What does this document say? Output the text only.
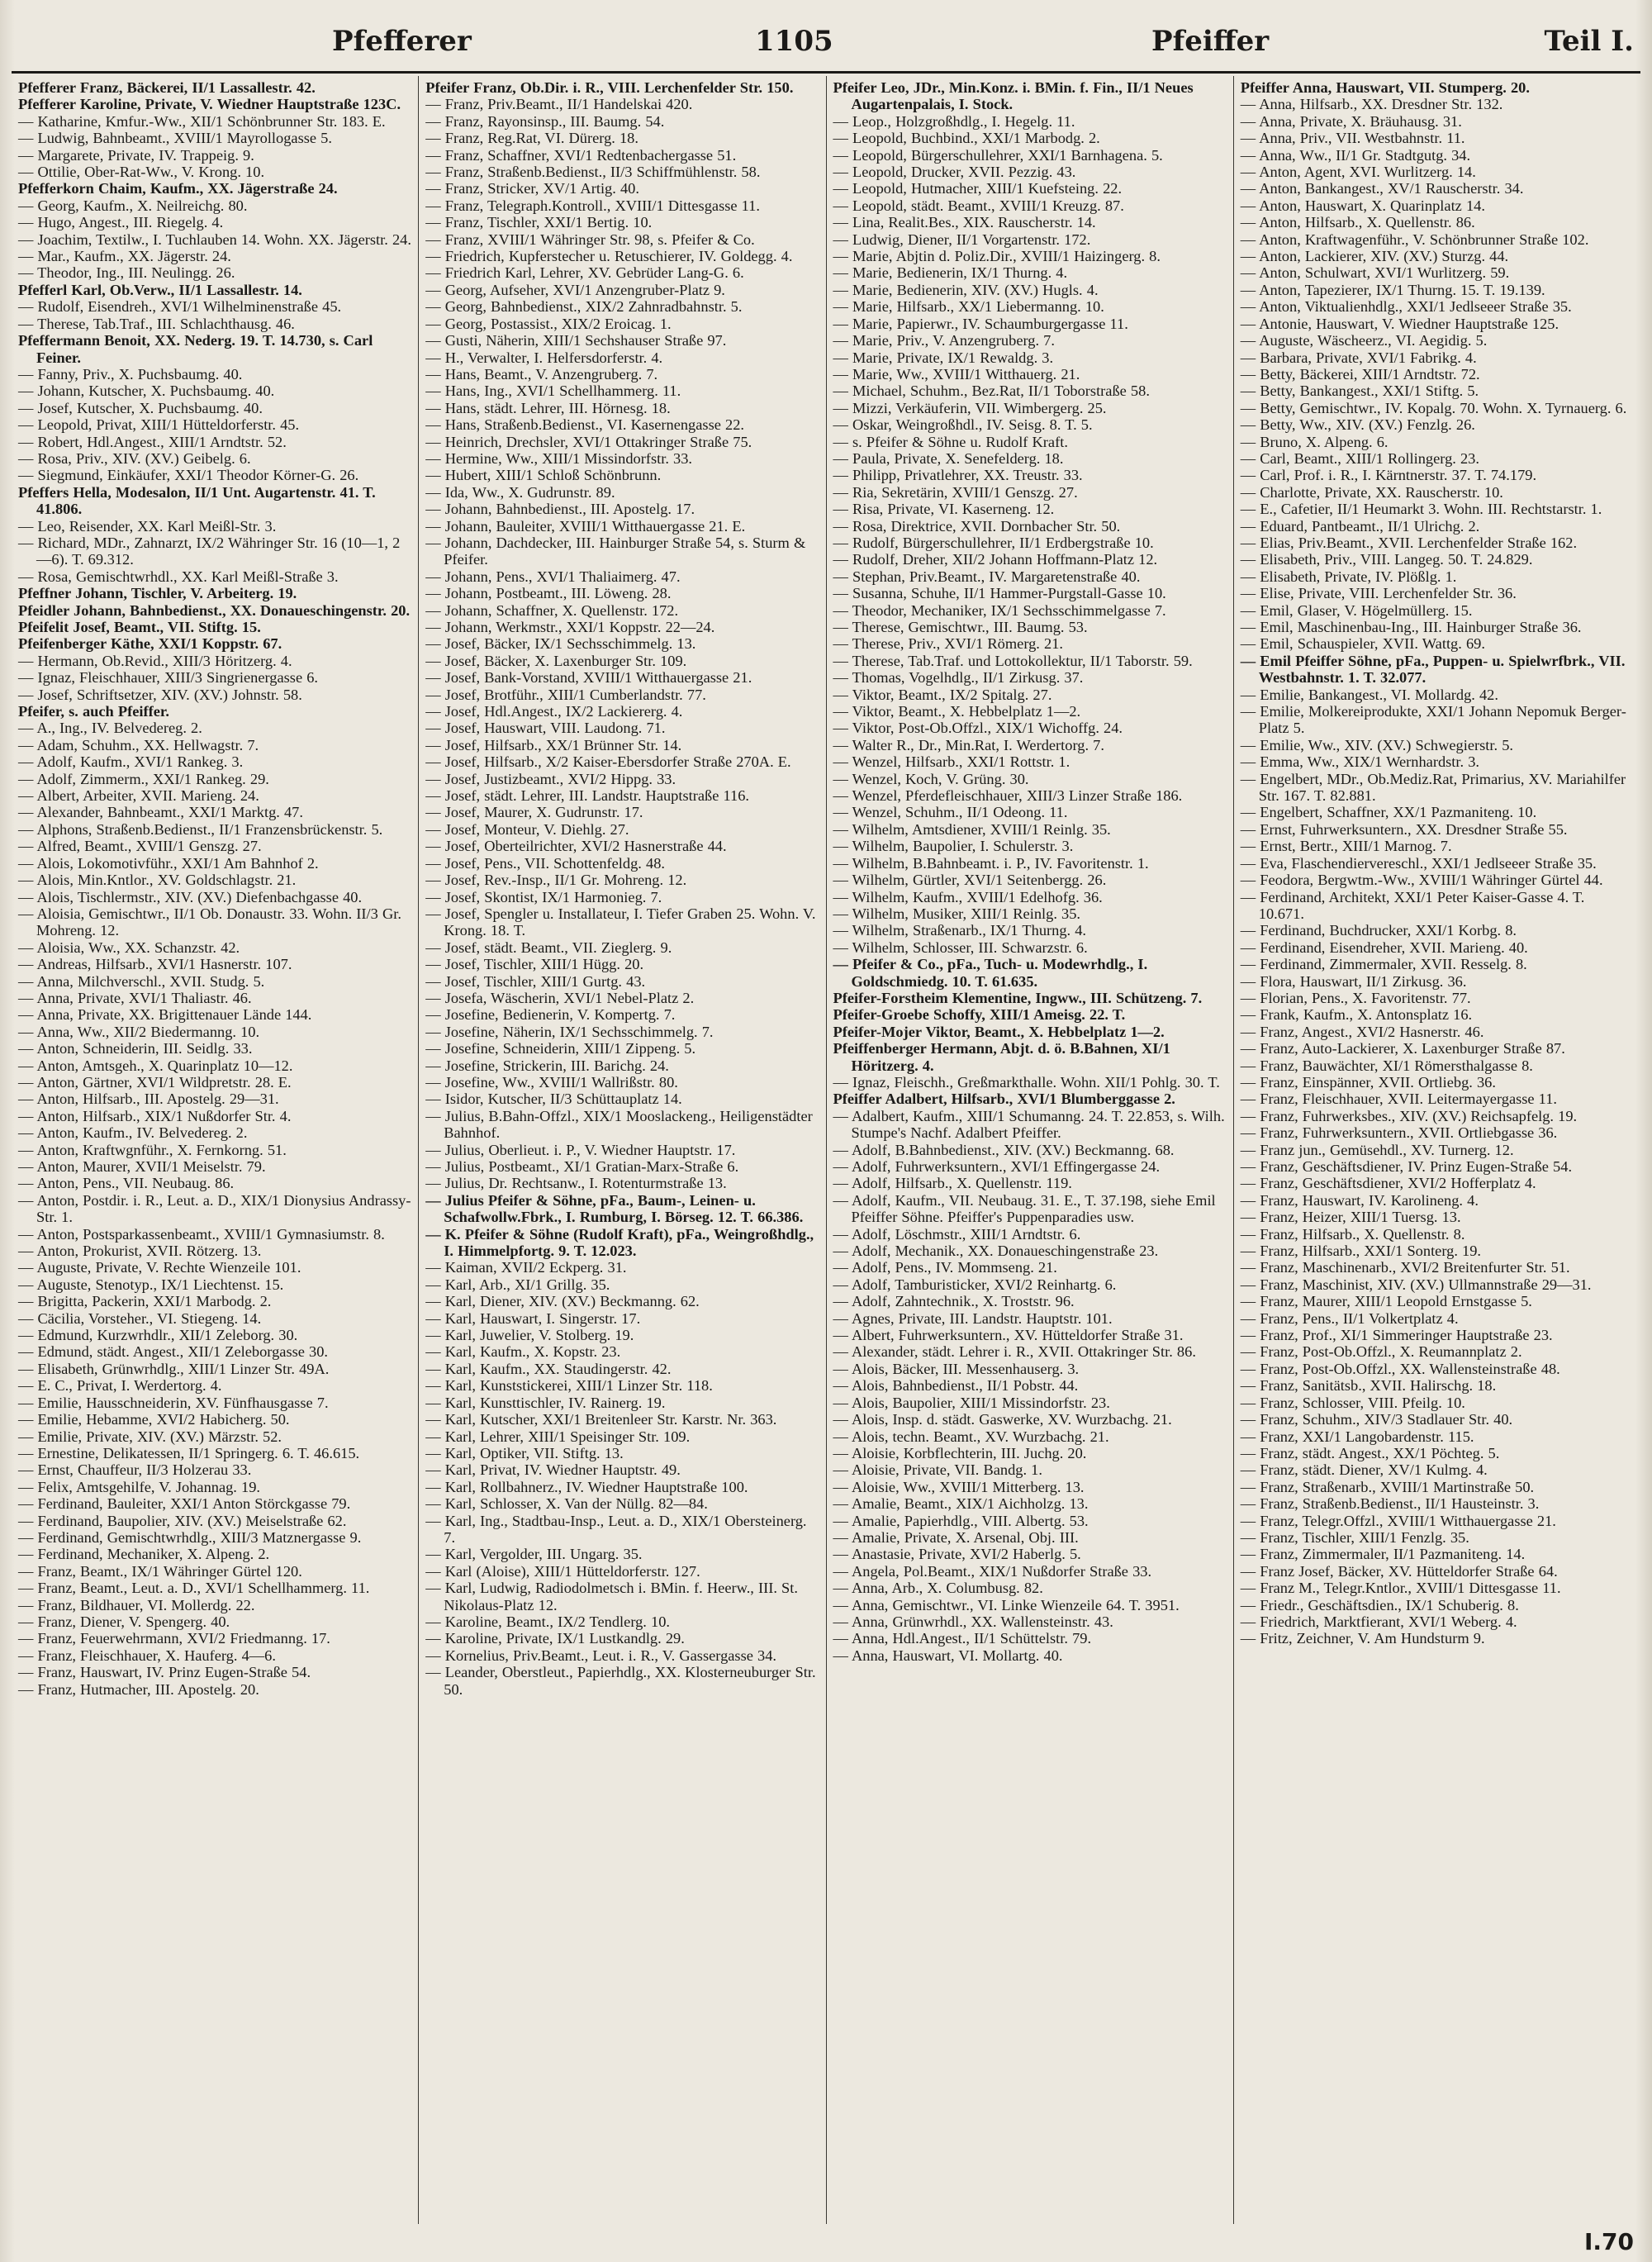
Pfefferer	1105	Pfeiffer	Teil I.

Pfefferer Franz, Bäckerei, II/1 Lassallestr. 42.

Pfefferer Karoline, Private, V. Wiedner Hauptstraße 123C.

— Katharine, Kmfur.-Ww., XII/1 Schönbrunner Str. 183. E.

— Ludwig, Bahnbeamt., XVIII/1 Mayrollogasse 5.

— Margarete, Private, IV. Trappeig. 9.

— Ottilie, Ober-Rat-Ww., V. Krong. 10.

Pfefferkorn Chaim, Kaufm., XX. Jägerstraße 24.

— Georg, Kaufm., X. Neilreichg. 80.

— Hugo, Angest., III. Riegelg. 4.

— Joachim, Textilw., I. Tuchlauben 14. Wohn. XX. Jägerstr. 24.

— Mar., Kaufm., XX. Jägerstr. 24.

— Theodor, Ing., III. Neulingg. 26.

Pfefferl Karl, Ob.Verw., II/1 Lassallestr. 14.

— Rudolf, Eisendreh., XVI/1 Wilhelminenstraße 45.

— Therese, Tab.Traf., III. Schlachthausg. 46.

Pfeffermann Benoit, XX. Nederg. 19. T. 14.730, s. Carl Feiner.

— Fanny, Priv., X. Puchsbaumg. 40.

— Johann, Kutscher, X. Puchsbaumg. 40.

— Josef, Kutscher, X. Puchsbaumg. 40.

— Leopold, Privat, XIII/1 Hütteldorferstr. 45.

— Robert, Hdl.Angest., XIII/1 Arndtstr. 52.

— Rosa, Priv., XIV. (XV.) Geibelg. 6.

— Siegmund, Einkäufer, XXI/1 Theodor Körner-G. 26.

Pfeffers Hella, Modesalon, II/1 Unt. Augartenstr. 41. T. 41.806.

— Leo, Reisender, XX. Karl Meißl-Str. 3.

— Richard, MDr., Zahnarzt, IX/2 Währinger Str. 16 (10—1, 2—6). T. 69.312.

— Rosa, Gemischtwrhdl., XX. Karl Meißl-Straße 3.

Pfeffner Johann, Tischler, V. Arbeiterg. 19.

Pfeidler Johann, Bahnbedienst., XX. Donaueschingenstr. 20.

Pfeifelit Josef, Beamt., VII. Stiftg. 15.

Pfeifenberger Käthe, XXI/1 Koppstr. 67.

— Hermann, Ob.Revid., XIII/3 Höritzerg. 4.

— Ignaz, Fleischhauer, XIII/3 Singrienergasse 6.

— Josef, Schriftsetzer, XIV. (XV.) Johnstr. 58.

Pfeifer, s. auch Pfeiffer.

— A., Ing., IV. Belvedereg. 2.

— Adam, Schuhm., XX. Hellwagstr. 7.

— Adolf, Kaufm., XVI/1 Rankeg. 3.

— Adolf, Zimmerm., XXI/1 Rankeg. 29.

— Albert, Arbeiter, XVII. Marieng. 24.

— Alexander, Bahnbeamt., XXI/1 Marktg. 47.

— Alphons, Straßenb.Bedienst., II/1 Franzensbrückenstr. 5.

— Alfred, Beamt., XVIII/1 Genszg. 27.

— Alois, Lokomotivführ., XXI/1 Am Bahnhof 2.

— Alois, Min.Kntlor., XV. Goldschlagstr. 21.

— Alois, Tischlermstr., XIV. (XV.) Diefenbachgasse 40.

— Aloisia, Gemischtwr., II/1 Ob. Donaustr. 33. Wohn. II/3 Gr. Mohreng. 12.

— Aloisia, Ww., XX. Schanzstr. 42.

— Andreas, Hilfsarb., XVI/1 Hasnerstr. 107.

— Anna, Milchverschl., XVII. Studg. 5.

— Anna, Private, XVI/1 Thaliastr. 46.

— Anna, Private, XX. Brigittenauer Lände 144.

— Anna, Ww., XII/2 Biedermanng. 10.

— Anton, Schneiderin, III. Seidlg. 33.

— Anton, Amtsgeh., X. Quarinplatz 10—12.

— Anton, Gärtner, XVI/1 Wildpretstr. 28. E.

— Anton, Hilfsarb., III. Apostelg. 29—31.

— Anton, Hilfsarb., XIX/1 Nußdorfer Str. 4.

— Anton, Kaufm., IV. Belvedereg. 2.

— Anton, Kraftwgnführ., X. Fernkorng. 51.

— Anton, Maurer, XVII/1 Meiselstr. 79.

— Anton, Pens., VII. Neubaug. 86.

— Anton, Postdir. i. R., Leut. a. D., XIX/1 Dionysius Andrassy-Str. 1.

— Anton, Postsparkassenbeamt., XVIII/1 Gymnasiumstr. 8.

— Anton, Prokurist, XVII. Rötzerg. 13.

— Auguste, Private, V. Rechte Wienzeile 101.

— Auguste, Stenotyp., IX/1 Liechtenst. 15.

— Brigitta, Packerin, XXI/1 Marbodg. 2.

— Cäcilia, Vorsteher., VI. Stiegeng. 14.

— Edmund, Kurzwrhdlr., XII/1 Zeleborg. 30.

— Edmund, städt. Angest., XII/1 Zeleborgasse 30.

— Elisabeth, Grünwrhdlg., XIII/1 Linzer Str. 49A.

— E. C., Privat, I. Werdertorg. 4.

— Emilie, Hausschneiderin, XV. Fünfhausgasse 7.

— Emilie, Hebamme, XVI/2 Habicherg. 50.

— Emilie, Private, XIV. (XV.) Märzstr. 52.

— Ernestine, Delikatessen, II/1 Springerg. 6. T. 46.615.

— Ernst, Chauffeur, II/3 Holzerau 33.

— Felix, Amtsgehilfe, V. Johannag. 19.

— Ferdinand, Bauleiter, XXI/1 Anton Störckgasse 79.

— Ferdinand, Baupolier, XIV. (XV.) Meiselstraße 62.

— Ferdinand, Gemischtwrhdlg., XIII/3 Matznergasse 9.

— Ferdinand, Mechaniker, X. Alpeng. 2.

— Franz, Beamt., IX/1 Währinger Gürtel 120.

— Franz, Beamt., Leut. a. D., XVI/1 Schellhammerg. 11.

— Franz, Bildhauer, VI. Mollerdg. 22.

— Franz, Diener, V. Spengerg. 40.

— Franz, Feuerwehrmann, XVI/2 Friedmanng. 17.

— Franz, Fleischhauer, X. Hauferg. 4—6.

— Franz, Hauswart, IV. Prinz Eugen-Straße 54.

— Franz, Hutmacher, III. Apostelg. 20.

Pfeifer Franz, Ob.Dir. i. R., VIII. Lerchenfelder Str. 150.

— Franz, Priv.Beamt., II/1 Handelskai 420.

— Franz, Rayonsinsp., III. Baumg. 54.

— Franz, Reg.Rat, VI. Dürerg. 18.

— Franz, Schaffner, XVI/1 Redtenbachergasse 51.

— Franz, Straßenb.Bedienst., II/3 Schiffmühlenstr. 58.

— Franz, Stricker, XV/1 Artig. 40.

— Franz, Telegraph.Kontroll., XVIII/1 Dittesgasse 11.

— Franz, Tischler, XXI/1 Bertig. 10.

— Franz, XVIII/1 Währinger Str. 98, s. Pfeifer & Co.

— Friedrich, Kupferstecher u. Retuschierer, IV. Goldegg. 4.

— Friedrich Karl, Lehrer, XV. Gebrüder Lang-G. 6.

— Georg, Aufseher, XVI/1 Anzengruber-Platz 9.

— Georg, Bahnbedienst., XIX/2 Zahnradbahnstr. 5.

— Georg, Postassist., XIX/2 Eroicag. 1.

— Gusti, Näherin, XIII/1 Sechshauser Straße 97.

— H., Verwalter, I. Helfersdorferstr. 4.

— Hans, Beamt., V. Anzengruberg. 7.

— Hans, Ing., XVI/1 Schellhammerg. 11.

— Hans, städt. Lehrer, III. Hörnesg. 18.

— Hans, Straßenb.Bedienst., VI. Kasernengasse 22.

— Heinrich, Drechsler, XVI/1 Ottakringer Straße 75.

— Hermine, Ww., XIII/1 Missindorfstr. 33.

— Hubert, XIII/1 Schloß Schönbrunn.

— Ida, Ww., X. Gudrunstr. 89.

— Johann, Bahnbedienst., III. Apostelg. 17.

— Johann, Bauleiter, XVIII/1 Witthauergasse 21. E.

— Johann, Dachdecker, III. Hainburger Straße 54, s. Sturm & Pfeifer.

— Johann, Pens., XVI/1 Thaliaimerg. 47.

— Johann, Postbeamt., III. Löweng. 28.

— Johann, Schaffner, X. Quellenstr. 172.

— Johann, Werkmstr., XXI/1 Koppstr. 22—24.

— Josef, Bäcker, IX/1 Sechsschimmelg. 13.

— Josef, Bäcker, X. Laxenburger Str. 109.

— Josef, Bank-Vorstand, XVIII/1 Witthauergasse 21.

— Josef, Brotführ., XIII/1 Cumberlandstr. 77.

— Josef, Hdl.Angest., IX/2 Lackiererg. 4.

— Josef, Hauswart, VIII. Laudong. 71.

— Josef, Hilfsarb., XX/1 Brünner Str. 14.

— Josef, Hilfsarb., X/2 Kaiser-Ebersdorfer Straße 270A. E.

— Josef, Justizbeamt., XVI/2 Hippg. 33.

— Josef, städt. Lehrer, III. Landstr. Hauptstraße 116.

— Josef, Maurer, X. Gudrunstr. 17.

— Josef, Monteur, V. Diehlg. 27.

— Josef, Oberteilrichter, XVI/2 Hasnerstraße 44.

— Josef, Pens., VII. Schottenfeldg. 48.

— Josef, Rev.-Insp., II/1 Gr. Mohreng. 12.

— Josef, Skontist, IX/1 Harmonieg. 7.

— Josef, Spengler u. Installateur, I. Tiefer Graben 25. Wohn. V. Krong. 18. T.

— Josef, städt. Beamt., VII. Zieglerg. 9.

— Josef, Tischler, XIII/1 Hügg. 20.

— Josef, Tischler, XIII/1 Gurtg. 43.

— Josefa, Wäscherin, XVI/1 Nebel-Platz 2.

— Josefine, Bedienerin, V. Kompertg. 7.

— Josefine, Näherin, IX/1 Sechsschimmelg. 7.

— Josefine, Schneiderin, XIII/1 Zippeng. 5.

— Josefine, Strickerin, III. Barichg. 24.

— Josefine, Ww., XVIII/1 Wallrißstr. 80.

— Isidor, Kutscher, II/3 Schüttauplatz 14.

— Julius, B.Bahn-Offzl., XIX/1 Mooslackeng., Heiligenstädter Bahnhof.

— Julius, Oberlieut. i. P., V. Wiedner Hauptstr. 17.

— Julius, Postbeamt., XI/1 Gratian-Marx-Straße 6.

— Julius, Dr. Rechtsanw., I. Rotenturmstraße 13.

— Julius Pfeifer & Söhne, pFa., Baum-, Leinen- u. Schafwollw.Fbrk., I. Rumburg, I. Börseg. 12. T. 66.386.

— K. Pfeifer & Söhne (Rudolf Kraft), pFa., Weingroßhdlg., I. Himmelpfortg. 9. T. 12.023.

— Kaiman, XVII/2 Eckperg. 31.

— Karl, Arb., XI/1 Grillg. 35.

— Karl, Diener, XIV. (XV.) Beckmanng. 62.

— Karl, Hauswart, I. Singerstr. 17.

— Karl, Juwelier, V. Stolberg. 19.

— Karl, Kaufm., X. Kopstr. 23.

— Karl, Kaufm., XX. Staudingerstr. 42.

— Karl, Kunststickerei, XIII/1 Linzer Str. 118.

— Karl, Kunsttischler, IV. Rainerg. 19.

— Karl, Kutscher, XXI/1 Breitenleer Str. Karstr. Nr. 363.

— Karl, Lehrer, XIII/1 Speisinger Str. 109.

— Karl, Optiker, VII. Stiftg. 13.

— Karl, Privat, IV. Wiedner Hauptstr. 49.

— Karl, Rollbahnerz., IV. Wiedner Hauptstraße 100.

— Karl, Schlosser, X. Van der Nüllg. 82—84.

— Karl, Ing., Stadtbau-Insp., Leut. a. D., XIX/1 Obersteinerg. 7.

— Karl, Vergolder, III. Ungarg. 35.

— Karl (Aloise), XIII/1 Hütteldorferstr. 127.

— Karl, Ludwig, Radiodolmetsch i. BMin. f. Heerw., III. St. Nikolaus-Platz 12.

— Karoline, Beamt., IX/2 Tendlerg. 10.

— Karoline, Private, IX/1 Lustkandlg. 29.

— Kornelius, Priv.Beamt., Leut. i. R., V. Gassergasse 34.

— Leander, Oberstleut., Papierhdlg., XX. Klosterneuburger Str. 50.

Pfeifer Leo, JDr., Min.Konz. i. BMin. f. Fin., II/1 Neues Augartenpalais, I. Stock.

— Leop., Holzgroßhdlg., I. Hegelg. 11.

— Leopold, Buchbind., XXI/1 Marbodg. 2.

— Leopold, Bürgerschullehrer, XXI/1 Barnhagena. 5.

— Leopold, Drucker, XVII. Pezzig. 43.

— Leopold, Hutmacher, XIII/1 Kuefsteing. 22.

— Leopold, städt. Beamt., XVIII/1 Kreuzg. 87.

— Lina, Realit.Bes., XIX. Rauscherstr. 14.

— Ludwig, Diener, II/1 Vorgartenstr. 172.

— Marie, Abjtin d. Poliz.Dir., XVIII/1 Haizingerg. 8.

— Marie, Bedienerin, IX/1 Thurng. 4.

— Marie, Bedienerin, XIV. (XV.) Hugls. 4.

— Marie, Hilfsarb., XX/1 Liebermanng. 10.

— Marie, Papierwr., IV. Schaumburgergasse 11.

— Marie, Priv., V. Anzengruberg. 7.

— Marie, Private, IX/1 Rewaldg. 3.

— Marie, Ww., XVIII/1 Witthauerg. 21.

— Michael, Schuhm., Bez.Rat, II/1 Toborstraße 58.

— Mizzi, Verkäuferin, VII. Wimbergerg. 25.

— Oskar, Weingroßhdl., IV. Seisg. 8. T. 5.

— s. Pfeifer & Söhne u. Rudolf Kraft.

— Paula, Private, X. Senefelderg. 18.

— Philipp, Privatlehrer, XX. Treustr. 33.

— Ria, Sekretärin, XVIII/1 Genszg. 27.

— Risa, Private, VI. Kaserneng. 12.

— Rosa, Direktrice, XVII. Dornbacher Str. 50.

— Rudolf, Bürgerschullehrer, II/1 Erdbergstraße 10.

— Rudolf, Dreher, XII/2 Johann Hoffmann-Platz 12.

— Stephan, Priv.Beamt., IV. Margaretenstraße 40.

— Susanna, Schuhe, II/1 Hammer-Purgstall-Gasse 10.

— Theodor, Mechaniker, IX/1 Sechsschimmelgasse 7.

— Therese, Gemischtwr., III. Baumg. 53.

— Therese, Priv., XVI/1 Römerg. 21.

— Therese, Tab.Traf. und Lottokollektur, II/1 Taborstr. 59.

— Thomas, Vogelhdlg., II/1 Zirkusg. 37.

— Viktor, Beamt., IX/2 Spitalg. 27.

— Viktor, Beamt., X. Hebbelplatz 1—2.

— Viktor, Post-Ob.Offzl., XIX/1 Wichoffg. 24.

— Walter R., Dr., Min.Rat, I. Werdertorg. 7.

— Wenzel, Hilfsarb., XXI/1 Rottstr. 1.

— Wenzel, Koch, V. Grüng. 30.

— Wenzel, Pferdefleischhauer, XIII/3 Linzer Straße 186.

— Wenzel, Schuhm., II/1 Odeong. 11.

— Wilhelm, Amtsdiener, XVIII/1 Reinlg. 35.

— Wilhelm, Baupolier, I. Schulerstr. 3.

— Wilhelm, B.Bahnbeamt. i. P., IV. Favoritenstr. 1.

— Wilhelm, Gürtler, XVI/1 Seitenbergg. 26.

— Wilhelm, Kaufm., XVIII/1 Edelhofg. 36.

— Wilhelm, Musiker, XIII/1 Reinlg. 35.

— Wilhelm, Straßenarb., IX/1 Thurng. 4.

— Wilhelm, Schlosser, III. Schwarzstr. 6.

— Pfeifer & Co., pFa., Tuch- u. Modewrhdlg., I. Goldschmiedg. 10. T. 61.635.

Pfeifer-Forstheim Klementine, Ingww., III. Schützeng. 7.

Pfeifer-Groebe Schoffy, XIII/1 Ameisg. 22. T.

Pfeifer-Mojer Viktor, Beamt., X. Hebbelplatz 1—2.

Pfeiffenberger Hermann, Abjt. d. ö. B.Bahnen, XI/1 Höritzerg. 4.

— Ignaz, Fleischh., Greßmarkthalle. Wohn. XII/1 Pohlg. 30. T.

Pfeiffer Adalbert, Hilfsarb., XVI/1 Blumberggasse 2.

— Adalbert, Kaufm., XIII/1 Schumanng. 24. T. 22.853, s. Wilh. Stumpe's Nachf. Adalbert Pfeiffer.

— Adolf, B.Bahnbedienst., XIV. (XV.) Beckmanng. 68.

— Adolf, Fuhrwerksuntern., XVI/1 Effingergasse 24.

— Adolf, Hilfsarb., X. Quellenstr. 119.

— Adolf, Kaufm., VII. Neubaug. 31. E., T. 37.198, siehe Emil Pfeiffer Söhne. Pfeiffer's Puppenparadies usw.

— Adolf, Löschmstr., XIII/1 Arndtstr. 6.

— Adolf, Mechanik., XX. Donaueschingenstraße 23.

— Adolf, Pens., IV. Mommseng. 21.

— Adolf, Tamburisticker, XVI/2 Reinhartg. 6.

— Adolf, Zahntechnik., X. Troststr. 96.

— Agnes, Private, III. Landstr. Hauptstr. 101.

— Albert, Fuhrwerksuntern., XV. Hütteldorfer Straße 31.

— Alexander, städt. Lehrer i. R., XVII. Ottakringer Str. 86.

— Alois, Bäcker, III. Messenhauserg. 3.

— Alois, Bahnbedienst., II/1 Pobstr. 44.

— Alois, Baupolier, XIII/1 Missindorfstr. 23.

— Alois, Insp. d. städt. Gaswerke, XV. Wurzbachg. 21.

— Alois, techn. Beamt., XV. Wurzbachg. 21.

— Aloisie, Korbflechterin, III. Juchg. 20.

— Aloisie, Private, VII. Bandg. 1.

— Aloisie, Ww., XVIII/1 Mitterberg. 13.

— Amalie, Beamt., XIX/1 Aichholzg. 13.

— Amalie, Papierhdlg., VIII. Albertg. 53.

— Amalie, Private, X. Arsenal, Obj. III.

— Anastasie, Private, XVI/2 Haberlg. 5.

— Angela, Pol.Beamt., XIX/1 Nußdorfer Straße 33.

— Anna, Arb., X. Columbusg. 82.

— Anna, Gemischtwr., VI. Linke Wienzeile 64. T. 3951.

— Anna, Grünwrhdl., XX. Wallensteinstr. 43.

— Anna, Hdl.Angest., II/1 Schüttelstr. 79.

— Anna, Hauswart, VI. Mollartg. 40.

Pfeiffer Anna, Hauswart, VII. Stumperg. 20.

— Anna, Hilfsarb., XX. Dresdner Str. 132.

— Anna, Private, X. Bräuhausg. 31.

— Anna, Priv., VII. Westbahnstr. 11.

— Anna, Ww., II/1 Gr. Stadtgutg. 34.

— Anton, Agent, XVI. Wurlitzerg. 14.

— Anton, Bankangest., XV/1 Rauscherstr. 34.

— Anton, Hauswart, X. Quarinplatz 14.

— Anton, Hilfsarb., X. Quellenstr. 86.

— Anton, Kraftwagenführ., V. Schönbrunner Straße 102.

— Anton, Lackierer, XIV. (XV.) Sturzg. 44.

— Anton, Schulwart, XVI/1 Wurlitzerg. 59.

— Anton, Tapezierer, IX/1 Thurng. 15. T. 19.139.

— Anton, Viktualienhdlg., XXI/1 Jedlseeer Straße 35.

— Antonie, Hauswart, V. Wiedner Hauptstraße 125.

— Auguste, Wäscheerz., VI. Aegidig. 5.

— Barbara, Private, XVI/1 Fabrikg. 4.

— Betty, Bäckerei, XIII/1 Arndtstr. 72.

— Betty, Bankangest., XXI/1 Stiftg. 5.

— Betty, Gemischtwr., IV. Kopalg. 70. Wohn. X. Tyrnauerg. 6.

— Betty, Ww., XIV. (XV.) Fenzlg. 26.

— Bruno, X. Alpeng. 6.

— Carl, Beamt., XIII/1 Rollingerg. 23.

— Carl, Prof. i. R., I. Kärntnerstr. 37. T. 74.179.

— Charlotte, Private, XX. Rauscherstr. 10.

— E., Cafetier, II/1 Heumarkt 3. Wohn. III. Rechtstarstr. 1.

— Eduard, Pantbeamt., II/1 Ulrichg. 2.

— Elias, Priv.Beamt., XVII. Lerchenfelder Straße 162.

— Elisabeth, Priv., VIII. Langeg. 50. T. 24.829.

— Elisabeth, Private, IV. Plößlg. 1.

— Elise, Private, VIII. Lerchenfelder Str. 36.

— Emil, Glaser, V. Högelmüllerg. 15.

— Emil, Maschinenbau-Ing., III. Hainburger Straße 36.

— Emil, Schauspieler, XVII. Wattg. 69.

— Emil Pfeiffer Söhne, pFa., Puppen- u. Spielwrfbrk., VII. Westbahnstr. 1. T. 32.077.

— Emilie, Bankangest., VI. Mollardg. 42.

— Emilie, Molkereiprodukte, XXI/1 Johann Nepomuk Berger-Platz 5.

— Emilie, Ww., XIV. (XV.) Schwegierstr. 5.

— Emma, Ww., XIX/1 Wernhardstr. 3.

— Engelbert, MDr., Ob.Mediz.Rat, Primarius, XV. Mariahilfer Str. 167. T. 82.881.

— Engelbert, Schaffner, XX/1 Pazmaniteng. 10.

— Ernst, Fuhrwerksuntern., XX. Dresdner Straße 55.

— Ernst, Bertr., XIII/1 Marnog. 7.

— Eva, Flaschendiervereschl., XXI/1 Jedlseeer Straße 35.

— Feodora, Bergwtm.-Ww., XVIII/1 Währinger Gürtel 44.

— Ferdinand, Architekt, XXI/1 Peter Kaiser-Gasse 4. T. 10.671.

— Ferdinand, Buchdrucker, XXI/1 Korbg. 8.

— Ferdinand, Eisendreher, XVII. Marieng. 40.

— Ferdinand, Zimmermaler, XVII. Resselg. 8.

— Flora, Hauswart, II/1 Zirkusg. 36.

— Florian, Pens., X. Favoritenstr. 77.

— Frank, Kaufm., X. Antonsplatz 16.

— Franz, Angest., XVI/2 Hasnerstr. 46.

— Franz, Auto-Lackierer, X. Laxenburger Straße 87.

— Franz, Bauwächter, XI/1 Römersthalgasse 8.

— Franz, Einspänner, XVII. Ortliebg. 36.

— Franz, Fleischhauer, XVII. Leitermayergasse 11.

— Franz, Fuhrwerksbes., XIV. (XV.) Reichsapfelg. 19.

— Franz, Fuhrwerksuntern., XVII. Ortliebgasse 36.

— Franz jun., Gemüsehdl., XV. Turnerg. 12.

— Franz, Geschäftsdiener, IV. Prinz Eugen-Straße 54.

— Franz, Geschäftsdiener, XVI/2 Hofferplatz 4.

— Franz, Hauswart, IV. Karolineng. 4.

— Franz, Heizer, XIII/1 Tuersg. 13.

— Franz, Hilfsarb., X. Quellenstr. 8.

— Franz, Hilfsarb., XXI/1 Sonterg. 19.

— Franz, Maschinenarb., XVI/2 Breitenfurter Str. 51.

— Franz, Maschinist, XIV. (XV.) Ullmannstraße 29—31.

— Franz, Maurer, XIII/1 Leopold Ernstgasse 5.

— Franz, Pens., II/1 Volkertplatz 4.

— Franz, Prof., XI/1 Simmeringer Hauptstraße 23.

— Franz, Post-Ob.Offzl., X. Reumannplatz 2.

— Franz, Post-Ob.Offzl., XX. Wallensteinstraße 48.

— Franz, Sanitätsb., XVII. Halirschg. 18.

— Franz, Schlosser, VIII. Pfeilg. 10.

— Franz, Schuhm., XIV/3 Stadlauer Str. 40.

— Franz, XXI/1 Langobardenstr. 115.

— Franz, städt. Angest., XX/1 Pöchteg. 5.

— Franz, städt. Diener, XV/1 Kulmg. 4.

— Franz, Straßenarb., XVIII/1 Martinstraße 50.

— Franz, Straßenb.Bedienst., II/1 Hausteinstr. 3.

— Franz, Telegr.Offzl., XVIII/1 Witthauergasse 21.

— Franz, Tischler, XIII/1 Fenzlg. 35.

— Franz, Zimmermaler, II/1 Pazmaniteng. 14.

— Franz Josef, Bäcker, XV. Hütteldorfer Straße 64.

— Franz M., Telegr.Kntlor., XVIII/1 Dittesgasse 11.

— Friedr., Geschäftsdien., IX/1 Schuberig. 8.

— Friedrich, Marktfierant, XVI/1 Weberg. 4.

— Fritz, Zeichner, V. Am Hundsturm 9.

I.70
